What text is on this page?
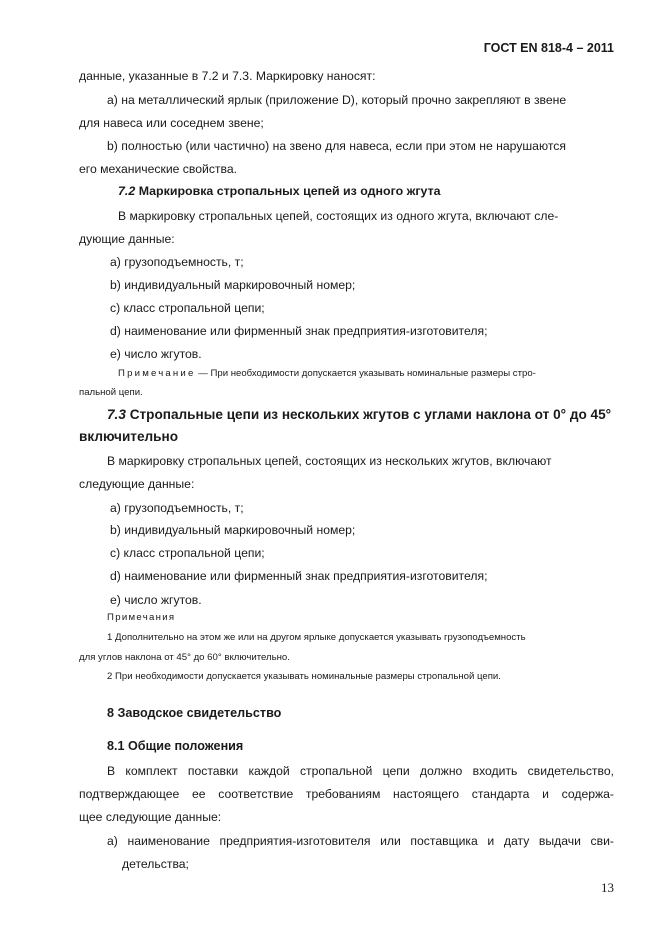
ГОСТ EN 818-4 – 2011
данные, указанные в 7.2 и 7.3. Маркировку наносят:
а) на металлический ярлык (приложение D), который прочно закрепляют в звене
для навеса или соседнем звене;
b) полностью (или частично) на звено для навеса, если при этом не нарушаются
его механические свойства.
7.2 Маркировка стропальных цепей из одного жгута
В маркировку стропальных цепей, состоящих из одного жгута, включают сле-
дующие данные:
а) грузоподъемность, т;
b) индивидуальный маркировочный номер;
c) класс стропальной цепи;
d) наименование или фирменный знак предприятия-изготовителя;
e) число жгутов.
Примечание — При необходимости допускается указывать номинальные размеры стро-
пальной цепи.
7.3 Стропальные цепи из нескольких жгутов с углами наклона от 0° до 45°
включительно
В маркировку стропальных цепей, состоящих из нескольких жгутов, включают
следующие данные:
а) грузоподъемность, т;
b) индивидуальный маркировочный номер;
c) класс стропальной цепи;
d) наименование или фирменный знак предприятия-изготовителя;
e) число жгутов.
Примечания
1 Дополнительно на этом же или на другом ярлыке допускается указывать грузоподъемность
для углов наклона от 45° до 60° включительно.
2 При необходимости допускается указывать номинальные размеры стропальной цепи.
8 Заводское свидетельство
8.1 Общие положения
В комплект поставки каждой стропальной цепи должно входить свидетельство,
подтверждающее ее соответствие требованиям настоящего стандарта и содержа-
щее следующие данные:
а) наименование предприятия-изготовителя или поставщика и дату выдачи сви-
детельства;
13
